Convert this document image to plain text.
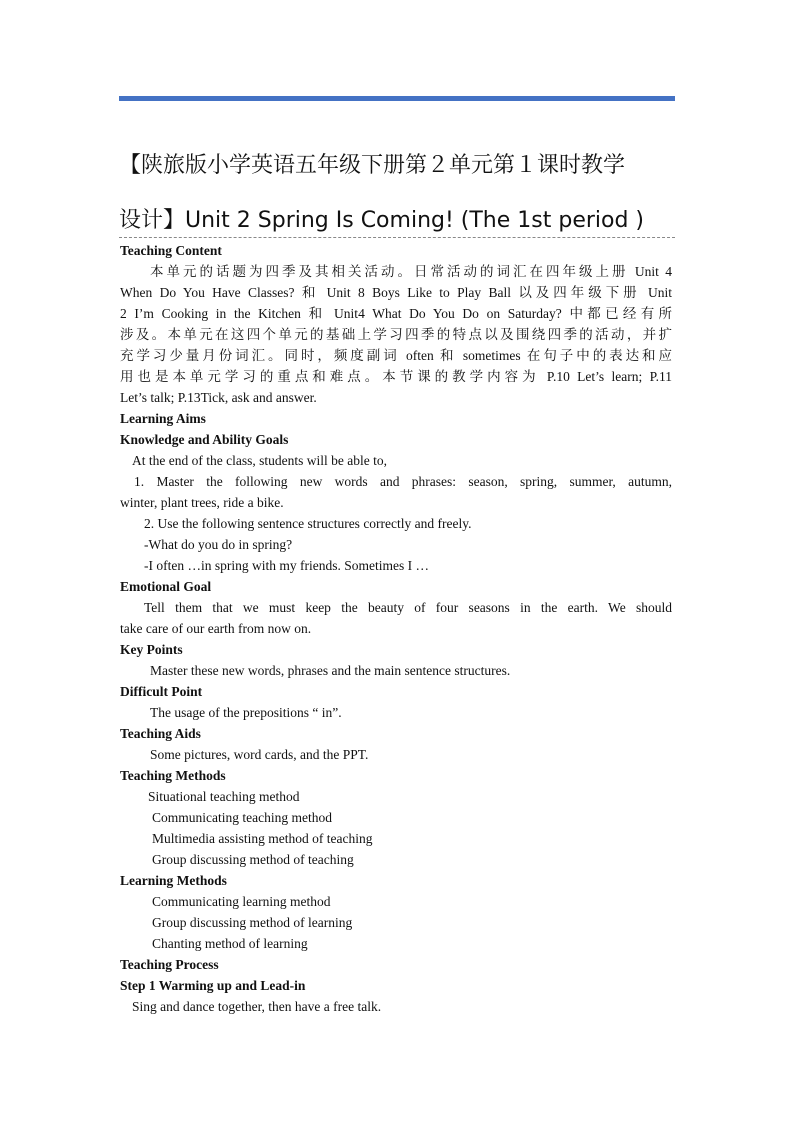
【陕旅版小学英语五年级下册第２单元第１课时教学
设计】Unit 2 Spring Is Coming! (The 1st period )
Teaching Content
本单元的话题为四季及其相关活动。日常活动的词汇在四年级上册 Unit 4
When Do You Have Classes? 和 Unit 8 Boys Like to Play Ball 以及四年级下册 Unit
2 I’m Cooking in the Kitchen 和 Unit4 What Do You Do on Saturday? 中都已经有所
涉及。本单元在这四个单元的基础上学习四季的特点以及围绕四季的活动，并扩
充学习少量月份词汇。同时，频度副词 often 和 sometimes 在句子中的表达和应
用也是本单元学习的重点和难点。本节课的教学内容为 P.10 Let’s learn; P.11
Let’s talk; P.13Tick, ask and answer.
Learning Aims
Knowledge and Ability Goals
At the end of the class, students will be able to,
1. Master the following new words and phrases: season, spring, summer, autumn,
winter, plant trees, ride a bike.
2. Use the following sentence structures correctly and freely.
-What do you do in spring?
-I often …in spring with my friends. Sometimes I …
Emotional Goal
Tell them that we must keep the beauty of four seasons in the earth. We should
take care of our earth from now on.
Key Points
Master these new words, phrases and the main sentence structures.
Difficult Point
The usage of the prepositions “ in”.
Teaching Aids
Some pictures, word cards, and the PPT.
Teaching Methods
Situational teaching method
Communicating teaching method
Multimedia assisting method of teaching
Group discussing method of teaching
Learning Methods
Communicating learning method
Group discussing method of learning
Chanting method of learning
Teaching Process
Step 1 Warming up and Lead-in
Sing and dance together, then have a free talk.
